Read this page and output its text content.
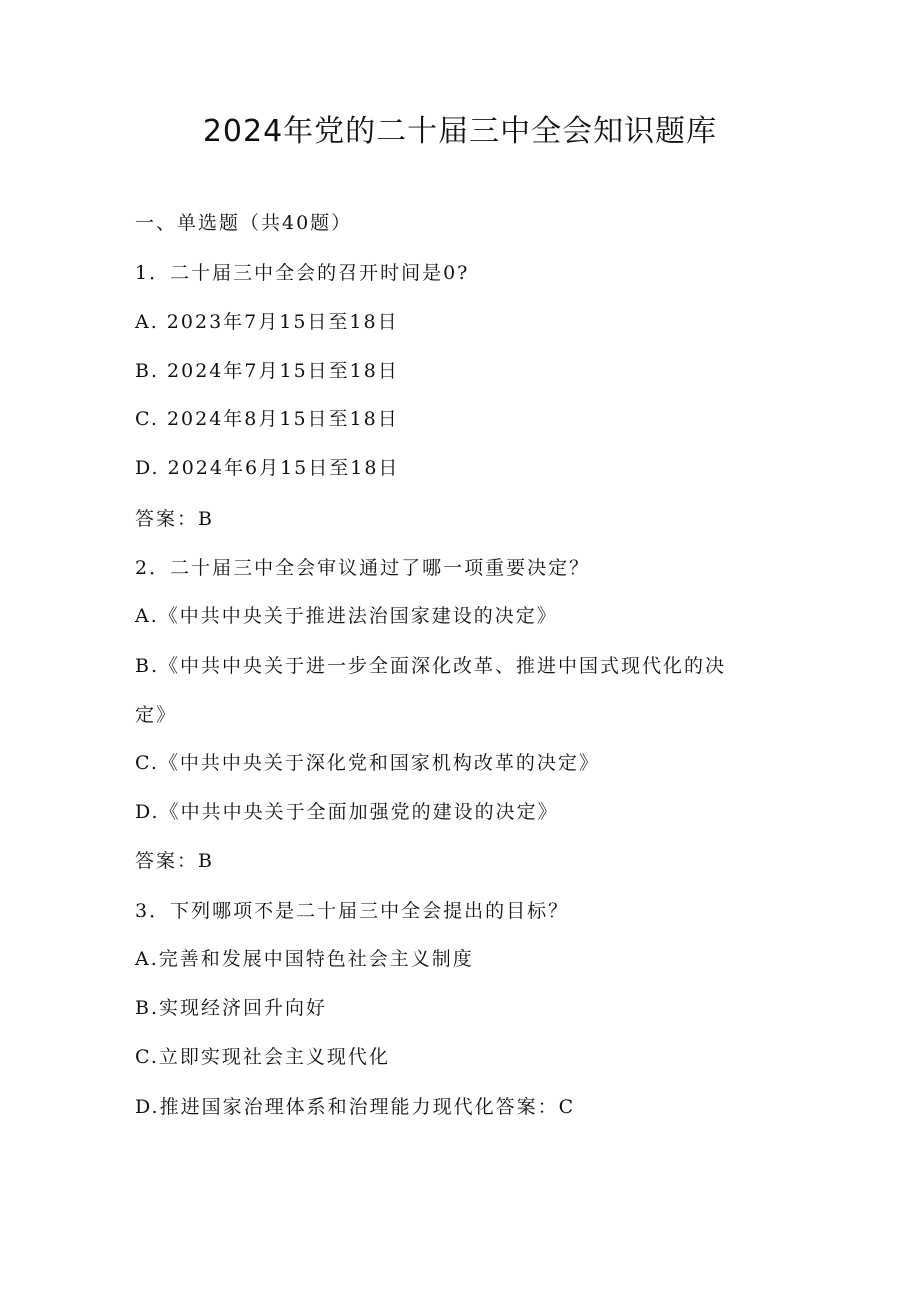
2024年党的二十届三中全会知识题库
一、单选题（共40题）
1．二十届三中全会的召开时间是0?
A. 2023年7月15日至18日
B. 2024年7月15日至18日
C. 2024年8月15日至18日
D. 2024年6月15日至18日
答案：B
2．二十届三中全会审议通过了哪一项重要决定？
A.《中共中央关于推进法治国家建设的决定》
B.《中共中央关于进一步全面深化改革、推进中国式现代化的决
定》
C.《中共中央关于深化党和国家机构改革的决定》
D.《中共中央关于全面加强党的建设的决定》
答案：B
3．下列哪项不是二十届三中全会提出的目标？
A.完善和发展中国特色社会主义制度
B.实现经济回升向好
C.立即实现社会主义现代化
D.推进国家治理体系和治理能力现代化答案：C
